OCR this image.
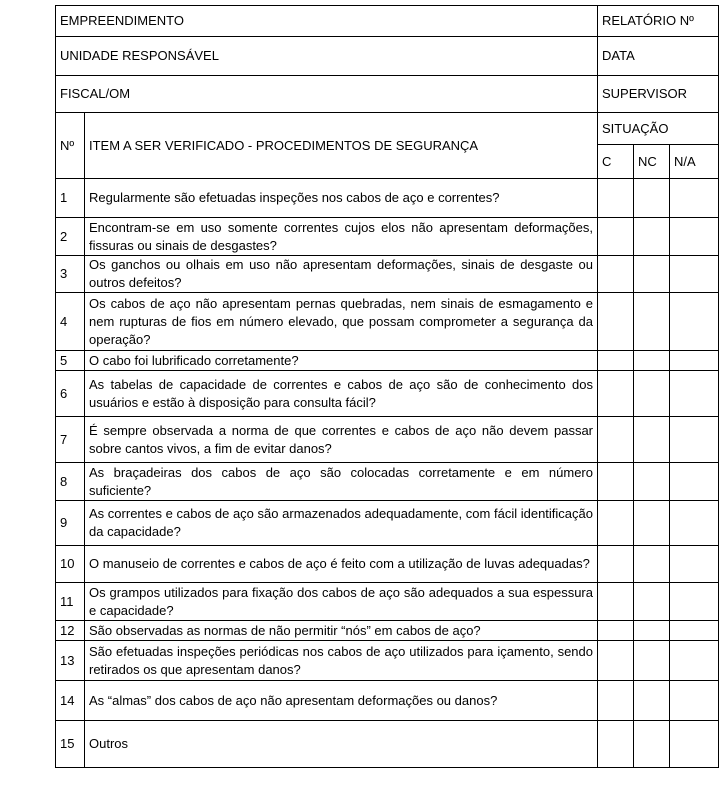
EMPREENDIMENTO		RELATÓRIO Nº		
UNIDADE RESPONSÁVEL		DATA		
FISCAL/OM		SUPERVISOR		
Nº	ITEM A SER VERIFICADO - PROCEDIMENTOS DE SEGURANÇA	SITUAÇÃO		
		C	NC	N/A
1	Regularmente são efetuadas inspeções nos cabos de aço e correntes?			
2	Encontram-se em uso somente correntes cujos elos não apresentam deformações, fissuras ou sinais de desgastes?			
3	Os ganchos ou olhais em uso não apresentam deformações, sinais de desgaste ou outros defeitos?			
4	Os cabos de aço não apresentam pernas quebradas, nem sinais de esmagamento e nem rupturas de fios em número elevado, que possam comprometer a segurança da operação?			
5	O cabo foi lubrificado corretamente?			
6	As tabelas de capacidade de correntes e cabos de aço são de conhecimento dos usuários e estão à disposição para consulta fácil?			
7	É sempre observada a norma de que correntes e cabos de aço não devem passar sobre cantos vivos, a fim de evitar danos?			
8	As braçadeiras dos cabos de aço são colocadas corretamente e em número suficiente?			
9	As correntes e cabos de aço são armazenados adequadamente, com fácil identificação da capacidade?			
10	O manuseio de correntes e cabos de aço é feito com a utilização de luvas adequadas?			
11	Os grampos utilizados para fixação dos cabos de aço são adequados a sua espessura e capacidade?			
12	São observadas as normas de não permitir “nós” em cabos de aço?			
13	São efetuadas inspeções periódicas nos cabos de aço utilizados para içamento, sendo retirados os que apresentam danos?			
14	As “almas” dos cabos de aço não apresentam deformações ou danos?			
15	Outros			
